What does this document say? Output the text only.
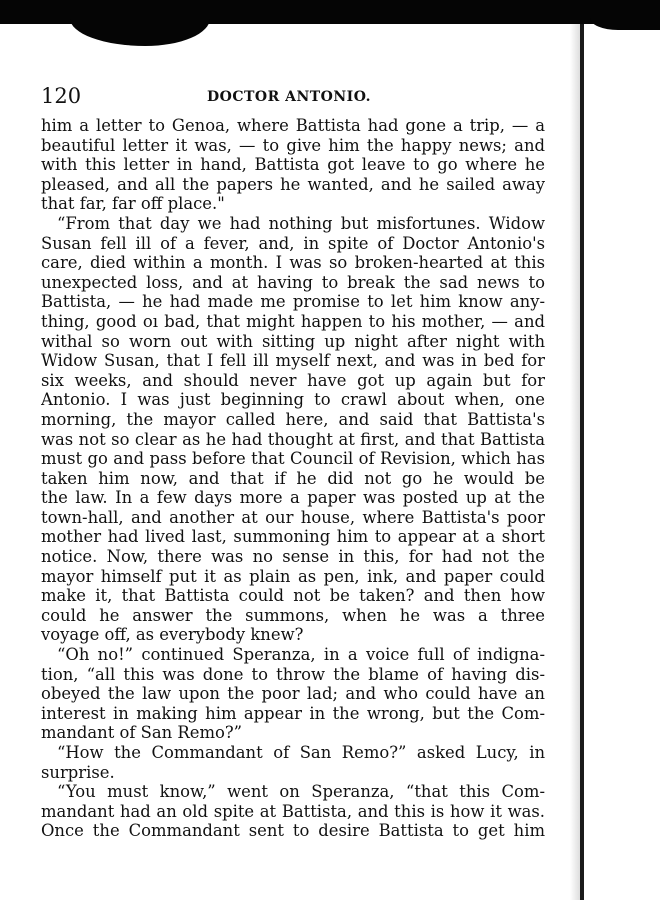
120	DOCTOR ANTONIO.
him a letter to Genoa, where Battista had gone a trip, — a
beautiful letter it was, — to give him the happy news; and
with this letter in hand, Battista got leave to go where he
pleased, and all the papers he wanted, and he sailed away
that far, far off place."
“From that day we had nothing but misfortunes. Widow
Susan fell ill of a fever, and, in spite of Doctor Antonio's
care, died within a month. I was so broken-hearted at this
unexpected loss, and at having to break the sad news to
Battista, — he had made me promise to let him know any-
thing, good oı bad, that might happen to his mother, — and
withal so worn out with sitting up night after night with
Widow Susan, that I fell ill myself next, and was in bed for
six weeks, and should never have got up again but for
Antonio. I was just beginning to crawl about when, one
morning, the mayor called here, and said that Battista's
was not so clear as he had thought at first, and that Battista
must go and pass before that Council of Revision, which has
taken him now, and that if he did not go he would be
the law. In a few days more a paper was posted up at the
town-hall, and another at our house, where Battista's poor
mother had lived last, summoning him to appear at a short
notice. Now, there was no sense in this, for had not the
mayor himself put it as plain as pen, ink, and paper could
make it, that Battista could not be taken? and then how
could he answer the summons, when he was a three
voyage off, as everybody knew?
“Oh no!” continued Speranza, in a voice full of indigna-
tion, “all this was done to throw the blame of having dis-
obeyed the law upon the poor lad; and who could have an
interest in making him appear in the wrong, but the Com-
mandant of San Remo?”
“How the Commandant of San Remo?” asked Lucy, in
surprise.
“You must know,” went on Speranza, “that this Com-
mandant had an old spite at Battista, and this is how it was.
Once the Commandant sent to desire Battista to get him
